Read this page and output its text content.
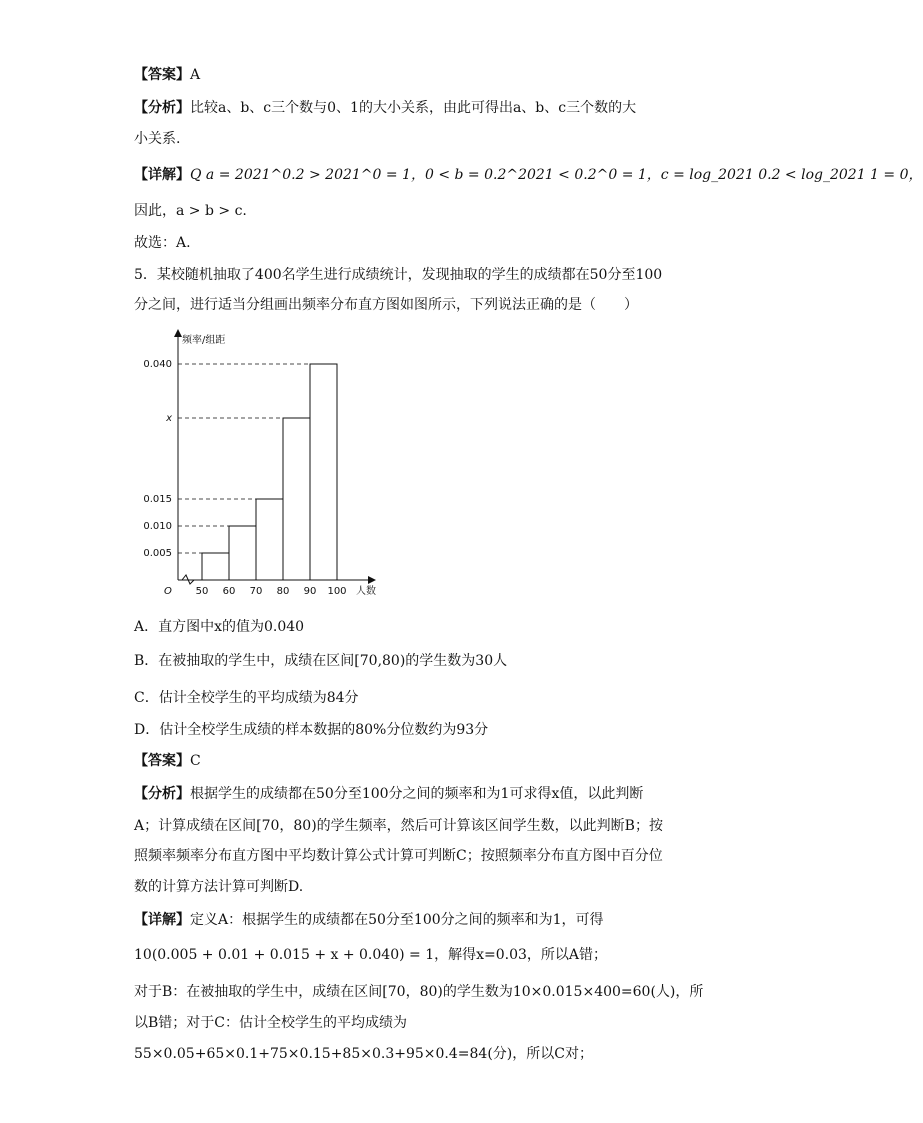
【答案】A
【分析】比较a、b、c三个数与0、1的大小关系，由此可得出a、b、c三个数的大
小关系.
【详解】Q a = 2021^0.2 > 2021^0 = 1，0 < b = 0.2^2021 < 0.2^0 = 1，c = log_2021 0.2 < log_2021 1 = 0，
因此，a > b > c.
故选：A.
5．某校随机抽取了400名学生进行成绩统计，发现抽取的学生的成绩都在50分至100
分之间，进行适当分组画出频率分布直方图如图所示，下列说法正确的是（　　）
0.005
0.010
0.015
x
0.040
50 60 70 80 90 100
频率/组距
人数
O
A．直方图中x的值为0.040
B．在被抽取的学生中，成绩在区间[70,80)的学生数为30人
C．估计全校学生的平均成绩为84分
D．估计全校学生成绩的样本数据的80%分位数约为93分
【答案】C
【分析】根据学生的成绩都在50分至100分之间的频率和为1可求得x值，以此判断
A；计算成绩在区间[70，80)的学生频率，然后可计算该区间学生数，以此判断B；按
照频率频率分布直方图中平均数计算公式计算可判断C；按照频率分布直方图中百分位
数的计算方法计算可判断D.
【详解】定义A：根据学生的成绩都在50分至100分之间的频率和为1，可得
10(0.005 + 0.01 + 0.015 + x + 0.040) = 1，解得x=0.03，所以A错；
对于B：在被抽取的学生中，成绩在区间[70，80)的学生数为10×0.015×400=60(人)，所
以B错；对于C：估计全校学生的平均成绩为
55×0.05+65×0.1+75×0.15+85×0.3+95×0.4=84(分)，所以C对；
